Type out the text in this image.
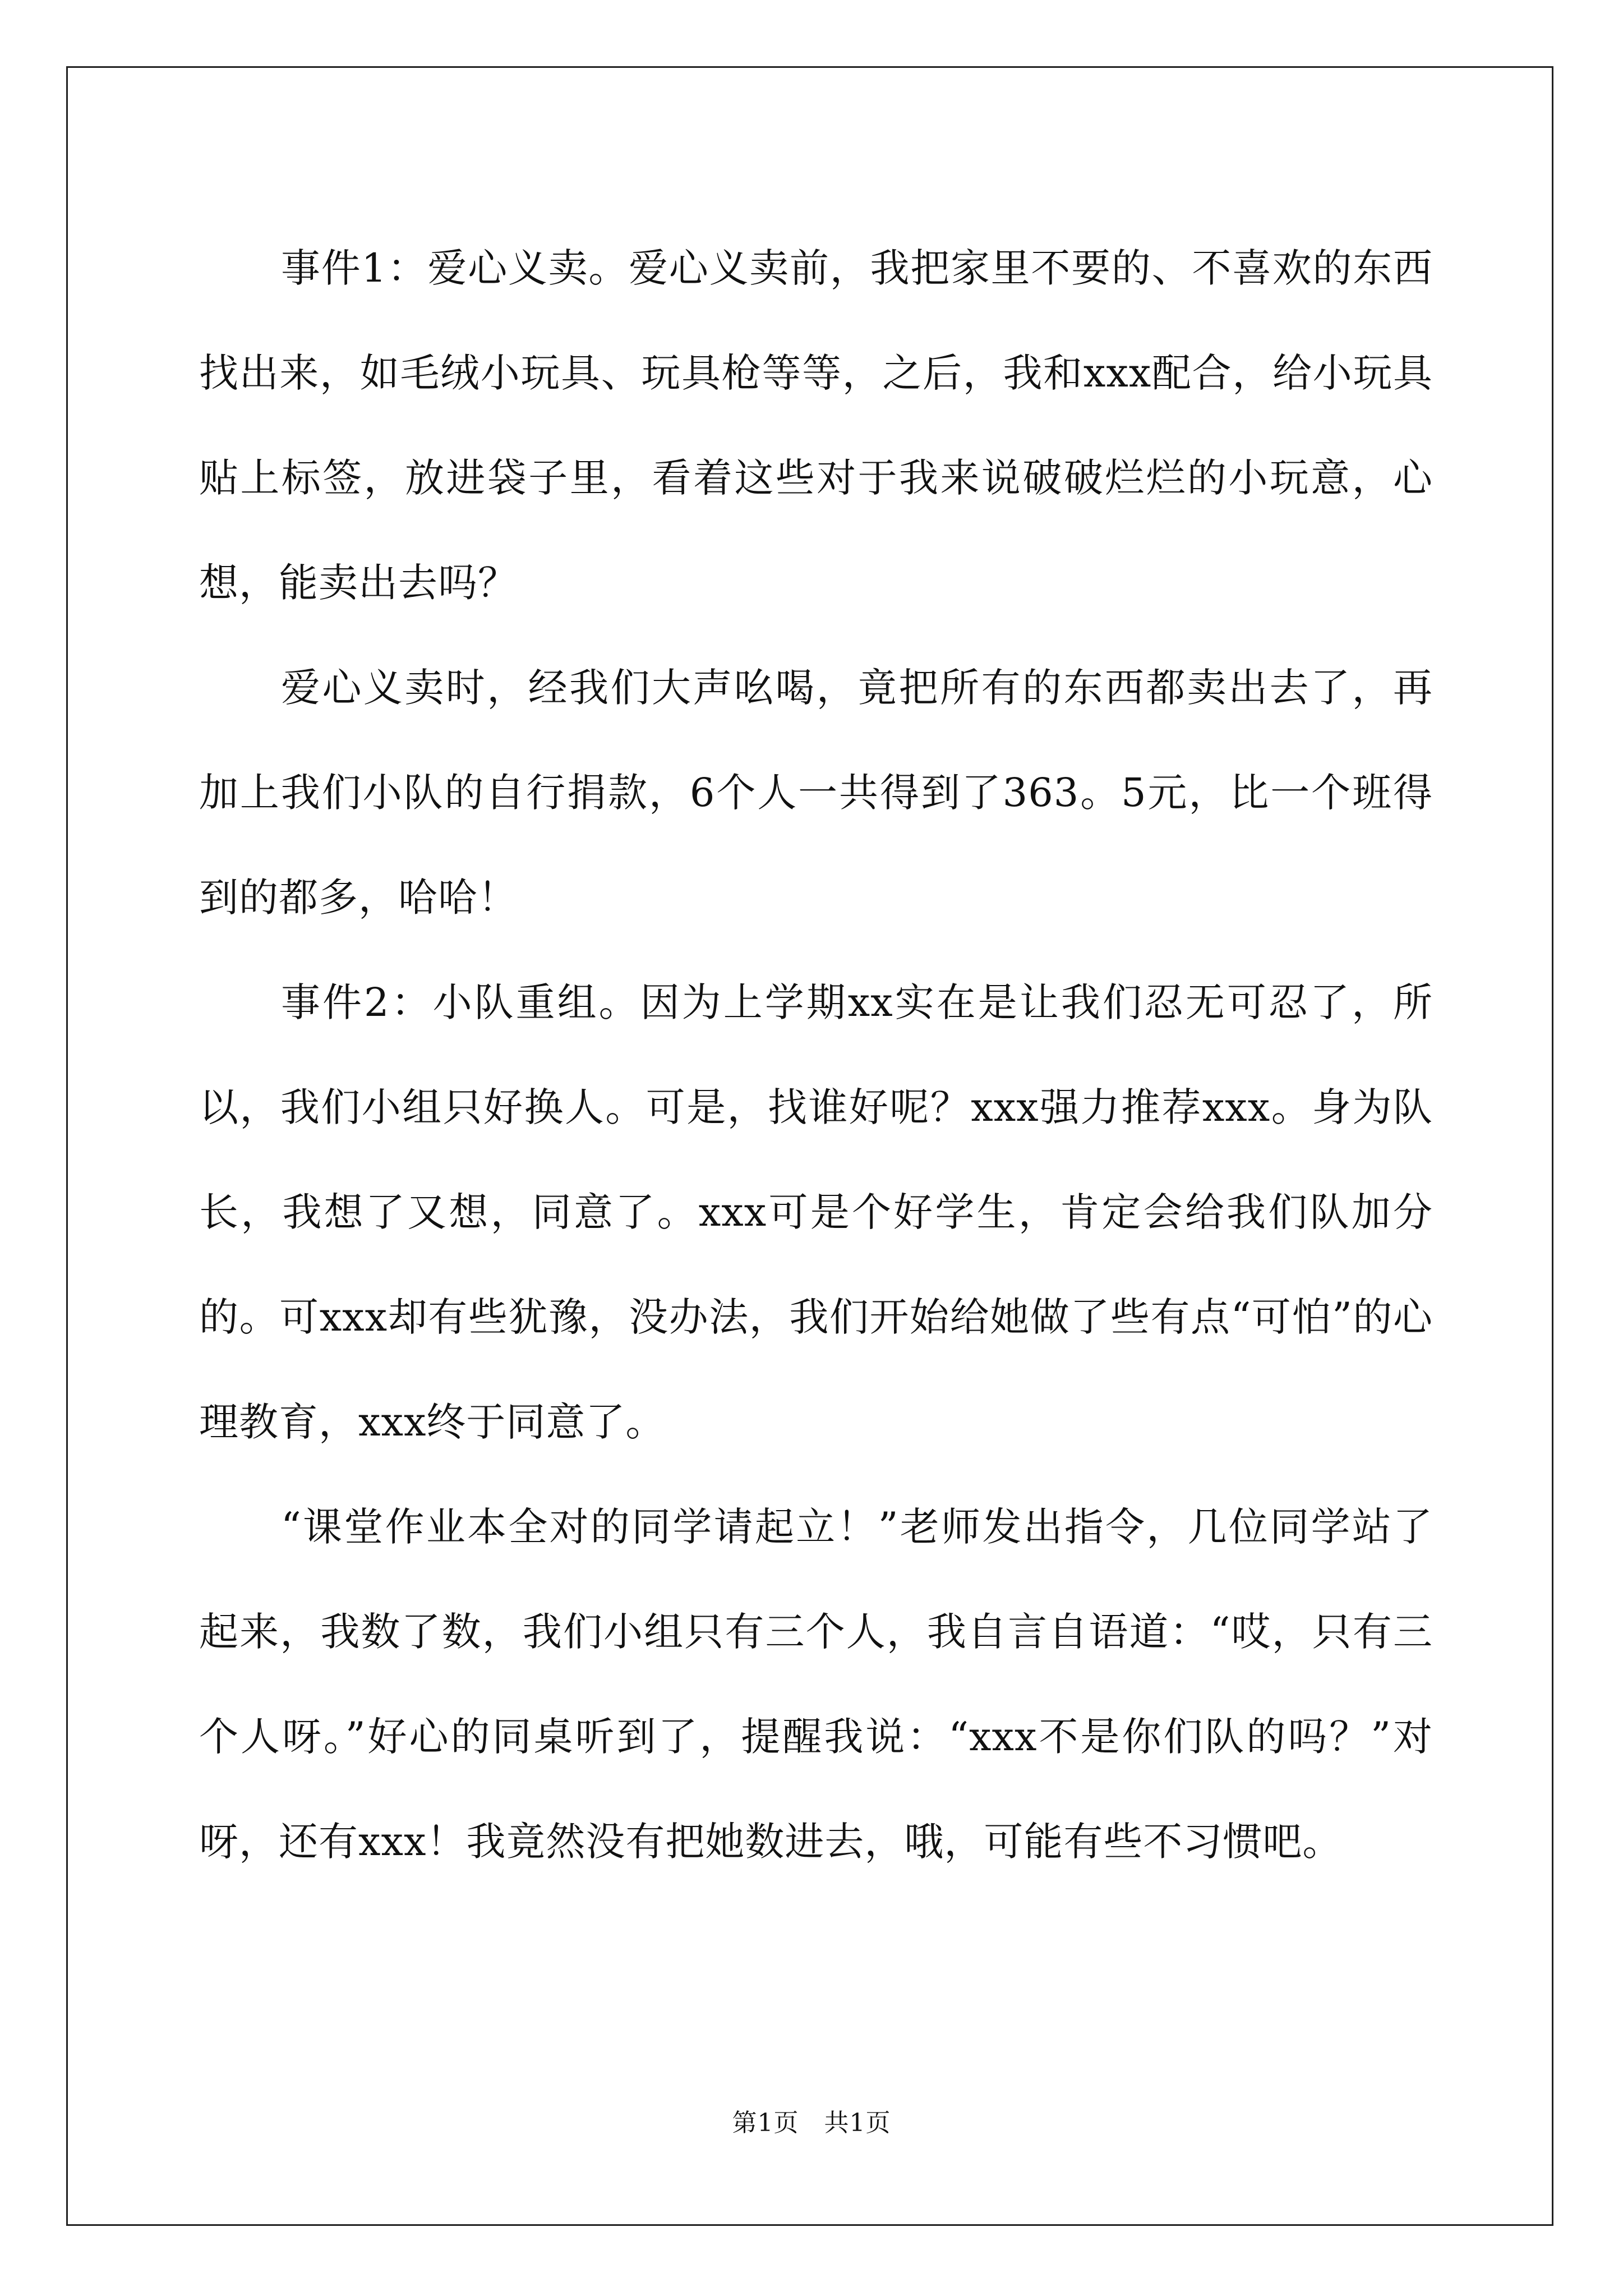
事件1：爱心义卖。爱心义卖前，我把家里不要的、不喜欢的东西找出来，如毛绒小玩具、玩具枪等等，之后，我和xxx配合，给小玩具贴上标签，放进袋子里，看着这些对于我来说破破烂烂的小玩意，心想，能卖出去吗？

爱心义卖时，经我们大声吆喝，竟把所有的东西都卖出去了，再加上我们小队的自行捐款，6个人一共得到了363。5元，比一个班得到的都多，哈哈！

事件2：小队重组。因为上学期xx实在是让我们忍无可忍了，所以，我们小组只好换人。可是，找谁好呢？xxx强力推荐xxx。身为队长，我想了又想，同意了。xxx可是个好学生，肯定会给我们队加分的。可xxx却有些犹豫，没办法，我们开始给她做了些有点“可怕”的心理教育，xxx终于同意了。

“课堂作业本全对的同学请起立！”老师发出指令，几位同学站了起来，我数了数，我们小组只有三个人，我自言自语道：“哎，只有三个人呀。”好心的同桌听到了，提醒我说：“xxx不是你们队的吗？”对呀，还有xxx！我竟然没有把她数进去，哦，可能有些不习惯吧。

第1页　共1页
